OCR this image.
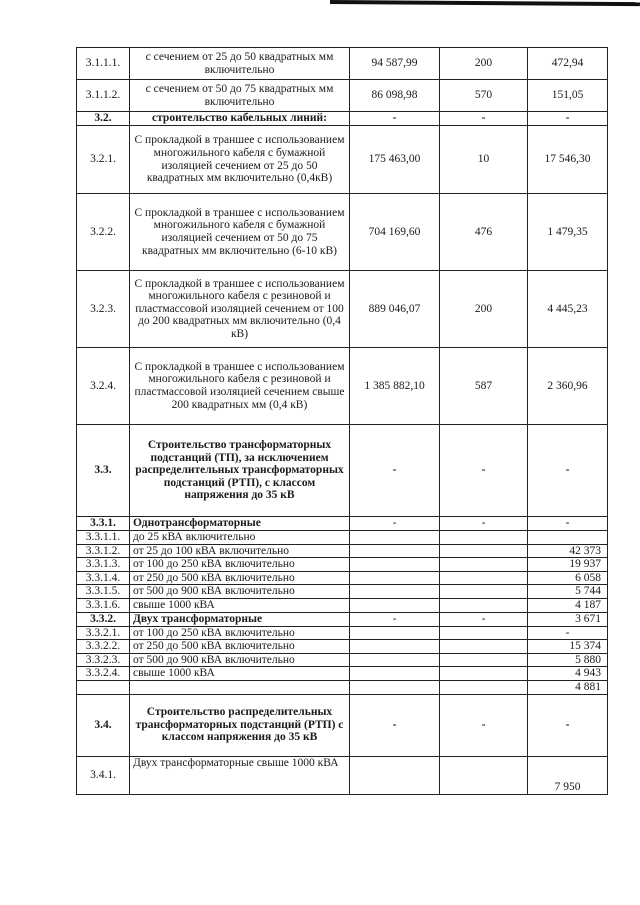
3.1.1.1.	с сечением от 25 до 50 квадратных мм включительно	94 587,99	200	472,94
3.1.1.2.	с сечением от 50 до 75 квадратных мм включительно	86 098,98	570	151,05
3.2.	строительство кабельных линий:	-	-	-
3.2.1.	С прокладкой в траншее с использованием многожильного кабеля с бумажной изоляцией сечением от 25 до 50 квадратных мм включительно (0,4кВ)	175 463,00	10	17 546,30
3.2.2.	С прокладкой в траншее с использованием многожильного кабеля с бумажной изоляцией сечением от 50 до 75 квадратных мм включительно (6-10 кВ)	704 169,60	476	1 479,35
3.2.3.	С прокладкой в траншее с использованием многожильного кабеля с резиновой и пластмассовой изоляцией сечением от 100 до 200 квадратных мм включительно (0,4 кВ)	889 046,07	200	4 445,23
3.2.4.	С прокладкой в траншее с использованием многожильного кабеля с резиновой и пластмассовой изоляцией сечением свыше 200 квадратных мм (0,4 кВ)	1 385 882,10	587	2 360,96
3.3.	Строительство трансформаторных подстанций (ТП), за исключением распределительных трансформаторных подстанций (РТП), с классом напряжения до 35 кВ	-	-	-
3.3.1.	Однотрансформаторные	-	-	-
3.3.1.1.	до 25 кВА включительно			
3.3.1.2.	от 25 до 100 кВА включительно			42 373
3.3.1.3.	от 100 до 250 кВА включительно			19 937
3.3.1.4.	от 250 до 500 кВА включительно			6 058
3.3.1.5.	от 500 до 900 кВА включительно			5 744
3.3.1.6.	свыше 1000 кВА			4 187
3.3.2.	Двух трансформаторные	-	-	3 671
3.3.2.1.	от 100 до 250 кВА включительно			-
3.3.2.2.	от 250 до 500 кВА включительно			15 374
3.3.2.3.	от 500 до 900 кВА включительно			5 880
3.3.2.4.	свыше 1000 кВА			4 943
				4 881
3.4.	Строительство распределительных трансформаторных подстанций (РТП) с классом напряжения до 35 кВ	-	-	-
3.4.1.	Двух трансформаторные свыше 1000 кВА			7 950
